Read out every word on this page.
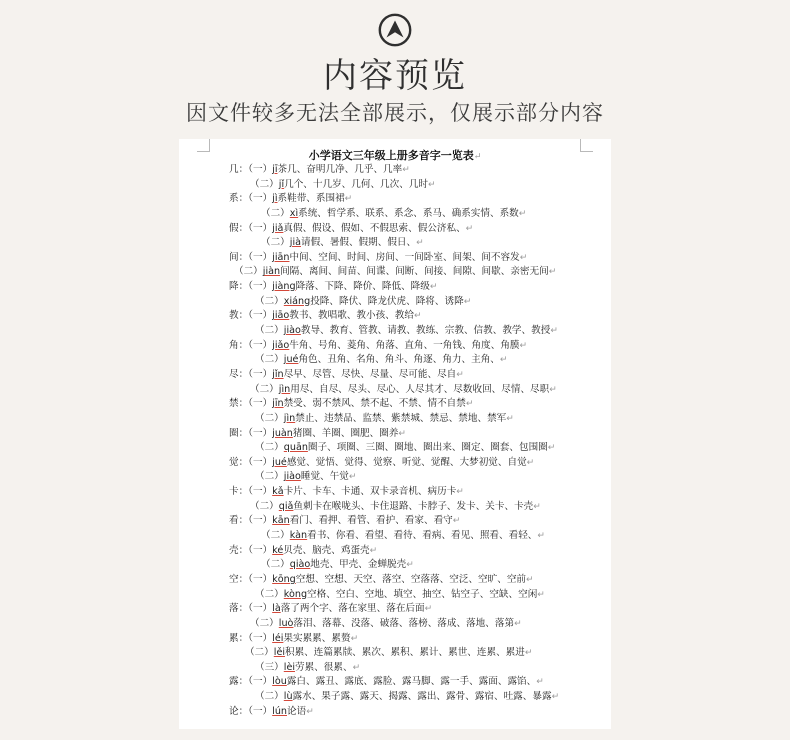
内容预览
因文件较多无法全部展示，仅展示部分内容
小学语文三年级上册多音字一览表↵
几：（一）jī茶几、奋明几净、几乎、几率↵
（二）jǐ几个、十几岁、几何、几次、几时↵
系：（一）jì系鞋带、系围裙↵
（二）xì系统、哲学系、联系、系念、系马、确系实情、系数↵
假：（一）jiǎ真假、假设、假如、不假思索、假公济私、↵
（二）jià请假、暑假、假期、假日、↵
间：（一）jiān中间、空间、时间、房间、一间卧室、间架、间不容发↵
（二）jiàn间隔、离间、间苗、间谍、间断、间接、间隙、间歇、亲密无间↵
降：（一）jiàng降落、下降、降价、降低、降级↵
（二）xiáng投降、降伏、降龙伏虎、降将、诱降↵
教：（一）jiāo教书、教唱歌、教小孩、教给↵
（二）jiào教导、教育、管教、请教、教练、宗教、信教、教学、教授↵
角：（一）jiǎo牛角、号角、菱角、角落、直角、一角钱、角度、角膜↵
（二）jué角色、丑角、名角、角斗、角逐、角力、主角、↵
尽：（一）jǐn尽早、尽管、尽快、尽量、尽可能、尽自↵
（二）jìn用尽、自尽、尽头、尽心、人尽其才、尽数收回、尽情、尽职↵
禁：（一）jīn禁受、弱不禁风、禁不起、不禁、情不自禁↵
（二）jìn禁止、违禁品、监禁、紫禁城、禁忌、禁地、禁军↵
圈：（一）juàn猪圈、羊圈、圈肥、圈养↵
（二）quān圈子、项圈、三圈、圈地、圈出来、圈定、圈套、包围圈↵
觉：（一）jué感觉、觉悟、觉得、觉察、听觉、觉醒、大梦初觉、自觉↵
（二）jiào睡觉、午觉↵
卡：（一）kǎ卡片、卡车、卡通、双卡录音机、病历卡↵
（二）qiǎ鱼刺卡在喉咙头、卡住退路、卡脖子、发卡、关卡、卡壳↵
看：（一）kān看门、看押、看管、看护、看家、看守↵
（二）kàn看书、你看、看望、看待、看病、看见、照看、看轻、↵
壳：（一）ké贝壳、脑壳、鸡蛋壳↵
（二）qiào地壳、甲壳、金蝉脱壳↵
空：（一）kōng空想、空想、天空、落空、空落落、空泛、空旷、空前↵
（二）kòng空格、空白、空地、填空、抽空、钻空子、空缺、空闲↵
落：（一）là落了两个字、落在家里、落在后面↵
（二）luò落泪、落幕、没落、破落、落榜、落成、落地、落第↵
累：（一）léi果实累累、累赘↵
（二）lěi积累、连篇累牍、累次、累积、累计、累世、连累、累进↵
（三）lèi劳累、很累、↵
露：（一）lòu露白、露丑、露底、露脸、露马脚、露一手、露面、露馅、↵
（二）lù露水、果子露、露天、揭露、露出、露骨、露宿、吐露、暴露↵
论：（一）lún论语↵
